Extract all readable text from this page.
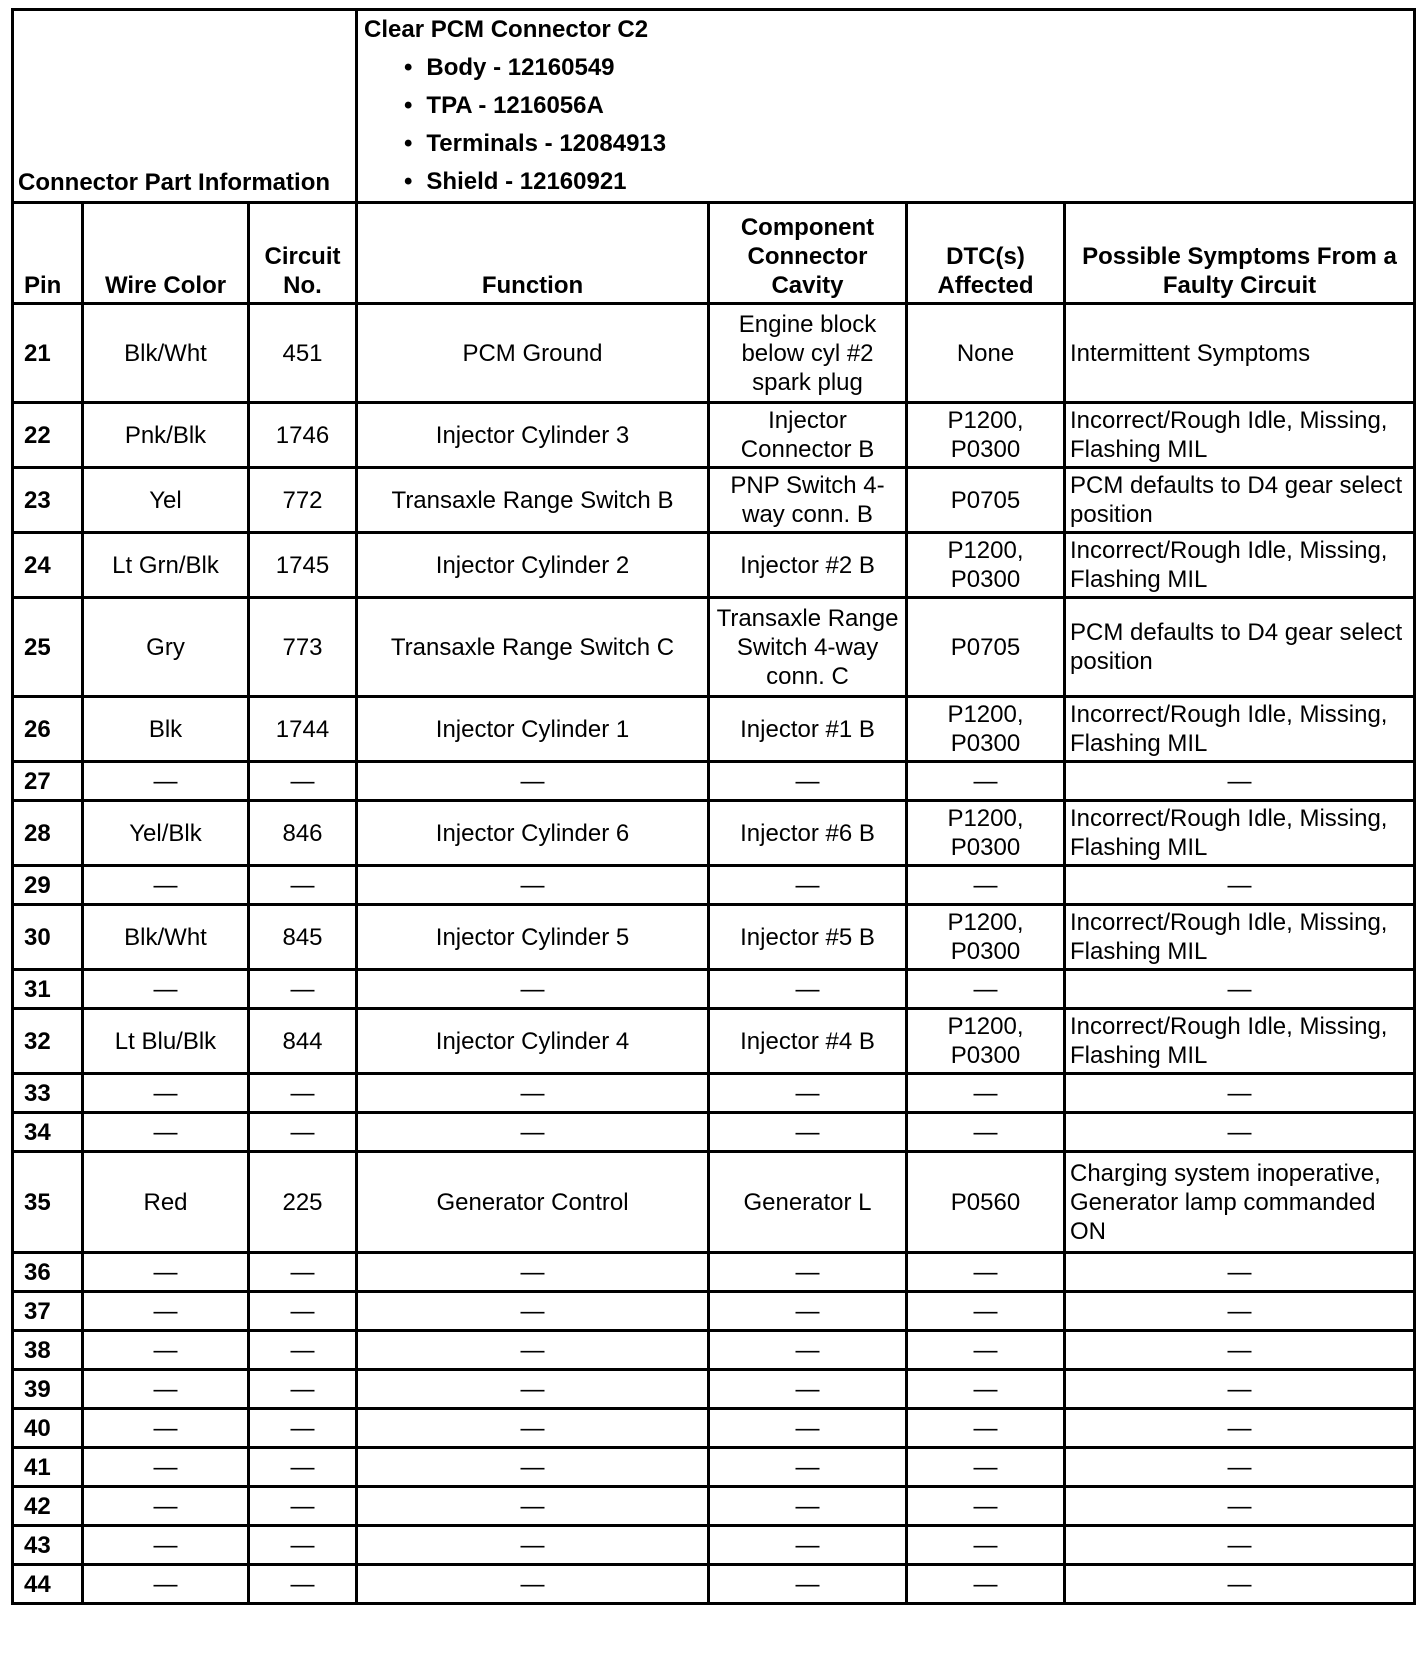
Connector Part Information	
Clear PCM Connector C2
• Body - 12160549
• TPA - 1216056A
• Terminals - 12084913
• Shield - 12160921

Pin	Wire Color	Circuit No.	Function	Component Connector Cavity	DTC(s) Affected	Possible Symptoms From a Faulty Circuit
21	Blk/Wht	451	PCM Ground	Engine block below cyl #2 spark plug	None	Intermittent Symptoms
22	Pnk/Blk	1746	Injector Cylinder 3	Injector Connector B	P1200, P0300	Incorrect/Rough Idle, Missing, Flashing MIL
23	Yel	772	Transaxle Range Switch B	PNP Switch 4-way conn. B	P0705	PCM defaults to D4 gear select position
24	Lt Grn/Blk	1745	Injector Cylinder 2	Injector #2 B	P1200, P0300	Incorrect/Rough Idle, Missing, Flashing MIL
25	Gry	773	Transaxle Range Switch C	Transaxle Range Switch 4-way conn. C	P0705	PCM defaults to D4 gear select position
26	Blk	1744	Injector Cylinder 1	Injector #1 B	P1200, P0300	Incorrect/Rough Idle, Missing, Flashing MIL
27	—	—	—	—	—	—
28	Yel/Blk	846	Injector Cylinder 6	Injector #6 B	P1200, P0300	Incorrect/Rough Idle, Missing, Flashing MIL
29	—	—	—	—	—	—
30	Blk/Wht	845	Injector Cylinder 5	Injector #5 B	P1200, P0300	Incorrect/Rough Idle, Missing, Flashing MIL
31	—	—	—	—	—	—
32	Lt Blu/Blk	844	Injector Cylinder 4	Injector #4 B	P1200, P0300	Incorrect/Rough Idle, Missing, Flashing MIL
33	—	—	—	—	—	—
34	—	—	—	—	—	—
35	Red	225	Generator Control	Generator L	P0560	Charging system inoperative, Generator lamp commanded ON
36	—	—	—	—	—	—
37	—	—	—	—	—	—
38	—	—	—	—	—	—
39	—	—	—	—	—	—
40	—	—	—	—	—	—
41	—	—	—	—	—	—
42	—	—	—	—	—	—
43	—	—	—	—	—	—
44	—	—	—	—	—	—
